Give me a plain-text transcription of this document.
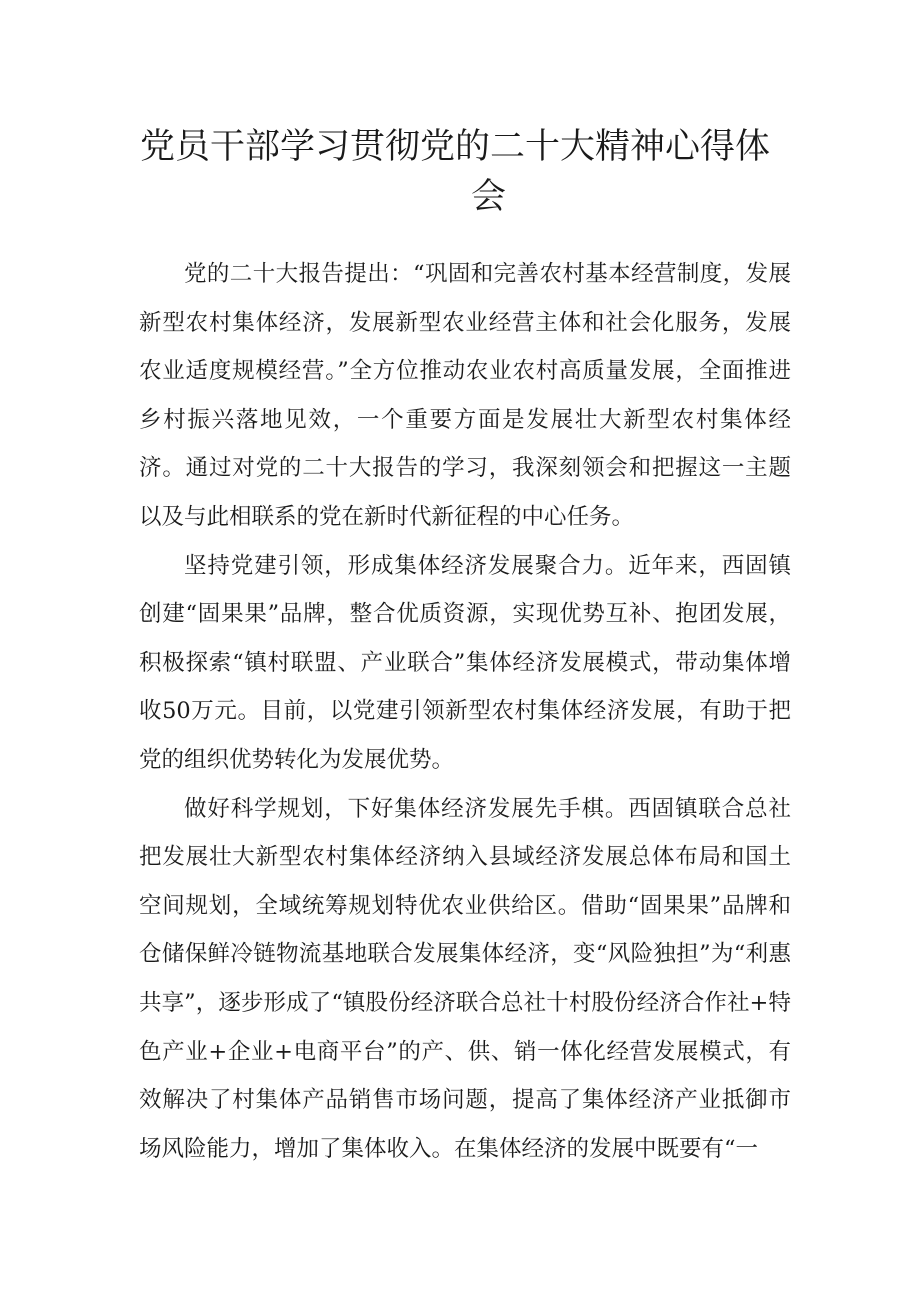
党员干部学习贯彻党的二十大精神心得体
会

党的二十大报告提出：“巩固和完善农村基本经营制度，发展新型农村集体经济，发展新型农业经营主体和社会化服务，发展农业适度规模经营。”全方位推动农业农村高质量发展，全面推进乡村振兴落地见效，一个重要方面是发展壮大新型农村集体经济。通过对党的二十大报告的学习，我深刻领会和把握这一主题以及与此相联系的党在新时代新征程的中心任务。

坚持党建引领，形成集体经济发展聚合力。近年来，西固镇创建“固果果”品牌，整合优质资源，实现优势互补、抱团发展，积极探索“镇村联盟、产业联合”集体经济发展模式，带动集体增收50万元。目前，以党建引领新型农村集体经济发展，有助于把党的组织优势转化为发展优势。

做好科学规划，下好集体经济发展先手棋。西固镇联合总社把发展壮大新型农村集体经济纳入县域经济发展总体布局和国土空间规划，全域统筹规划特优农业供给区。借助“固果果”品牌和仓储保鲜冷链物流基地联合发展集体经济，变“风险独担”为“利惠共享”，逐步形成了“镇股份经济联合总社十村股份经济合作社+特色产业+企业+电商平台”的产、供、销一体化经营发展模式，有效解决了村集体产品销售市场问题，提高了集体经济产业抵御市场风险能力，增加了集体收入。在集体经济的发展中既要有“一
